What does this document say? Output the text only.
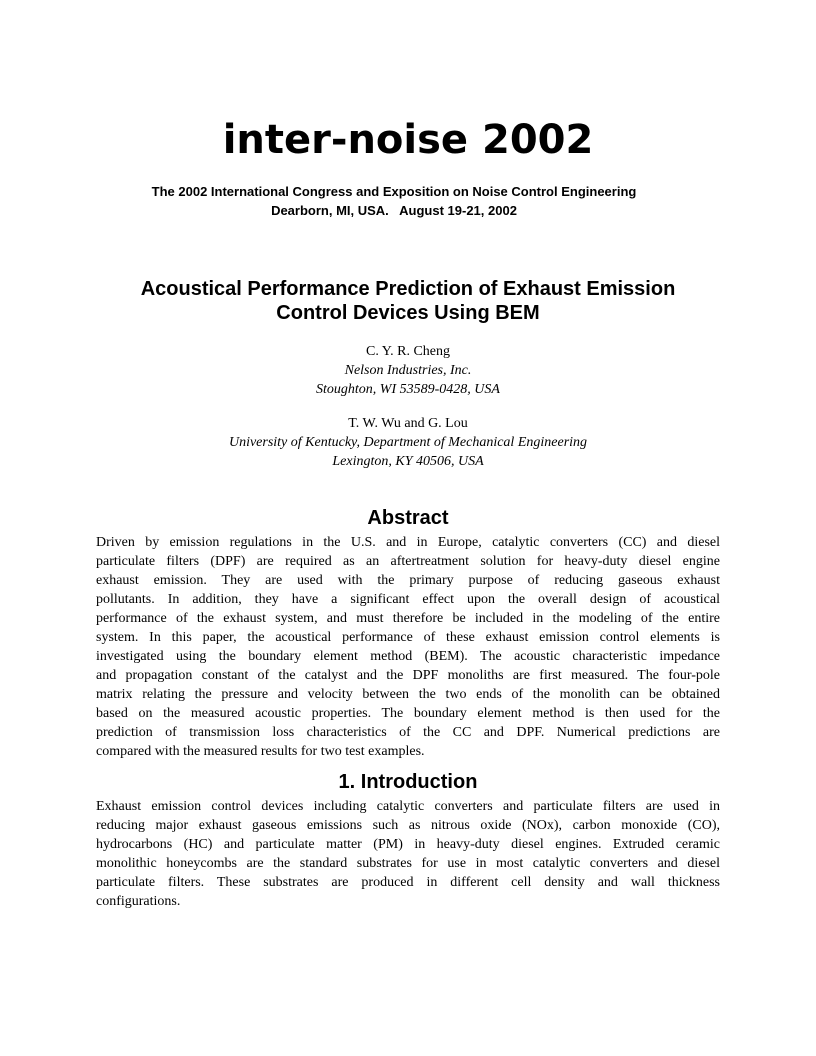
inter-noise 2002
The 2002 International Congress and Exposition on Noise Control Engineering
Dearborn, MI, USA.   August 19-21, 2002
Acoustical Performance Prediction of Exhaust Emission
Control Devices Using BEM
C. Y. R. Cheng
Nelson Industries, Inc.
Stoughton, WI 53589-0428, USA
T. W. Wu and G. Lou
University of Kentucky, Department of Mechanical Engineering
Lexington, KY 40506, USA
Abstract
Driven by emission regulations in the U.S. and in Europe, catalytic converters (CC) and diesel
particulate filters (DPF) are required as an aftertreatment solution for heavy-duty diesel engine
exhaust emission. They are used with the primary purpose of reducing gaseous exhaust
pollutants. In addition, they have a significant effect upon the overall design of acoustical
performance of the exhaust system, and must therefore be included in the modeling of the entire
system. In this paper, the acoustical performance of these exhaust emission control elements is
investigated using the boundary element method (BEM). The acoustic characteristic impedance
and propagation constant of the catalyst and the DPF monoliths are first measured. The four-pole
matrix relating the pressure and velocity between the two ends of the monolith can be obtained
based on the measured acoustic properties. The boundary element method is then used for the
prediction of transmission loss characteristics of the CC and DPF. Numerical predictions are
compared with the measured results for two test examples.
1. Introduction
Exhaust emission control devices including catalytic converters and particulate filters are used in
reducing major exhaust gaseous emissions such as nitrous oxide (NOx), carbon monoxide (CO),
hydrocarbons (HC) and particulate matter (PM) in heavy-duty diesel engines. Extruded ceramic
monolithic honeycombs are the standard substrates for use in most catalytic converters and diesel
particulate filters. These substrates are produced in different cell density and wall thickness
configurations.
